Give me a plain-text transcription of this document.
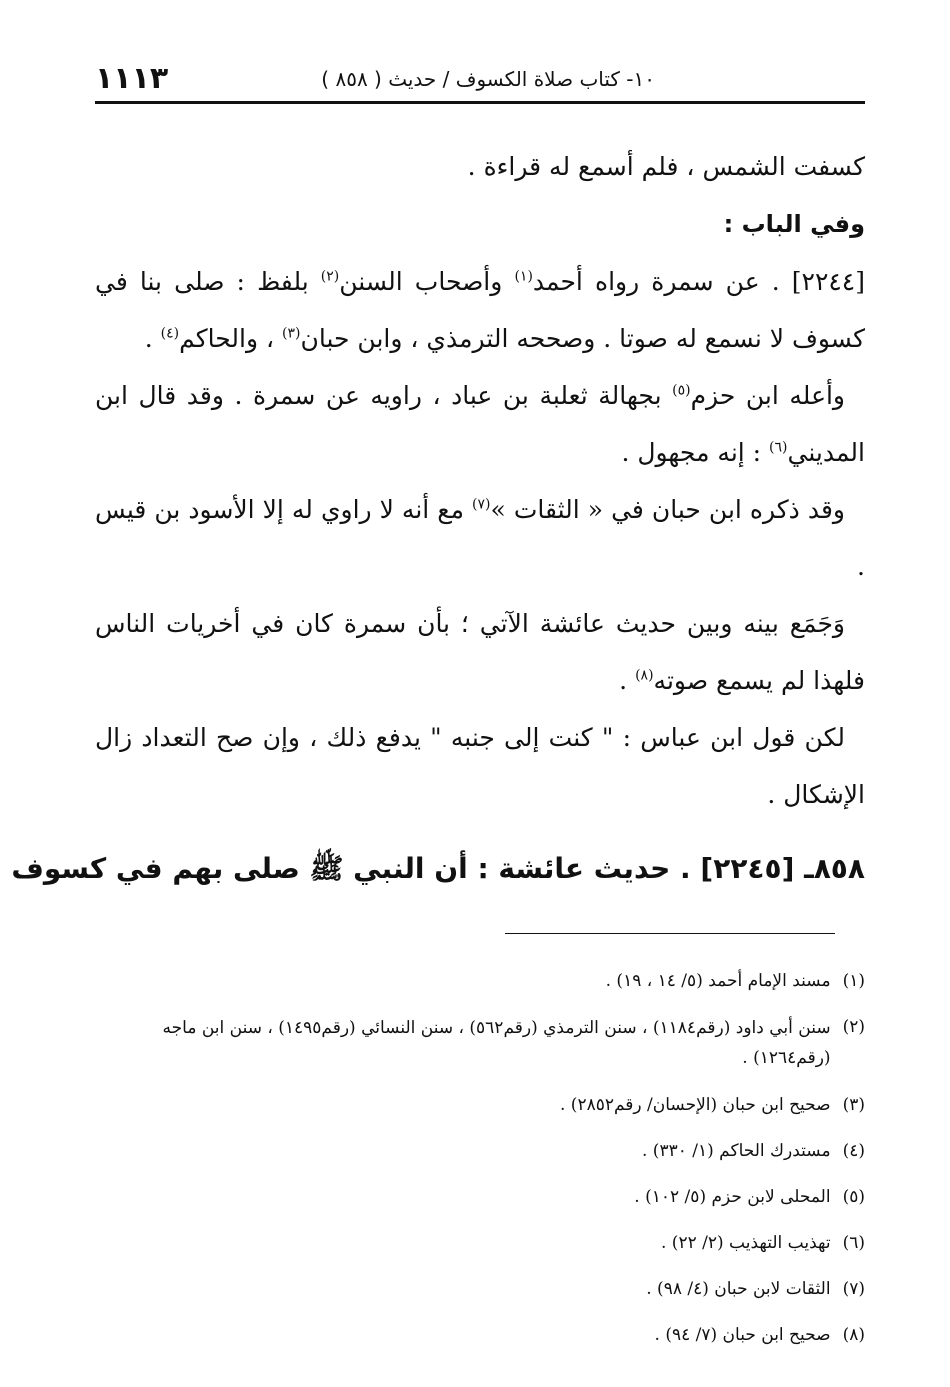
١٠- كتاب صلاة الكسوف / حديث ( ٨٥٨ )
١١١٣

كسفت الشمس ، فلم أسمع له قراءة .

وفي الباب :

[٢٢٤٤] . عن سمرة رواه أحمد$^{(١)}$ وأصحاب السنن$^{(٢)}$ بلفظ : صلى بنا في كسوف لا نسمع له صوتا . وصححه الترمذي ، وابن حبان$^{(٣)}$ ، والحاكم$^{(٤)}$ .

وأعله ابن حزم$^{(٥)}$ بجهالة ثعلبة بن عباد ، راويه عن سمرة . وقد قال ابن المديني$^{(٦)}$ : إنه مجهول .

وقد ذكره ابن حبان في « الثقات »$^{(٧)}$ مع أنه لا راوي له إلا الأسود بن قيس .

وَجَمَع بينه وبين حديث عائشة الآتي ؛ بأن سمرة كان في أخريات الناس فلهذا لم يسمع صوته$^{(٨)}$ .

لكن قول ابن عباس : " كنت إلى جنبه " يدفع ذلك ، وإن صح التعداد زال الإشكال .

٨٥٨ـ [٢٢٤٥] . حديث عائشة : أن النبي ﷺ صلى بهم في كسوف
(١)
مسند الإمام أحمد (٥/ ١٤ ، ١٩) .
(٢)
سنن أبي داود (رقم١١٨٤) ، سنن الترمذي (رقم٥٦٢) ، سنن النسائي (رقم١٤٩٥) ، سنن ابن ماجه (رقم١٢٦٤) .
(٣)
صحيح ابن حبان (الإحسان/ رقم٢٨٥٢) .
(٤)
مستدرك الحاكم (١/ ٣٣٠) .
(٥)
المحلى لابن حزم (٥/ ١٠٢) .
(٦)
تهذيب التهذيب (٢/ ٢٢) .
(٧)
الثقات لابن حبان (٤/ ٩٨) .
(٨)
صحيح ابن حبان (٧/ ٩٤) .
